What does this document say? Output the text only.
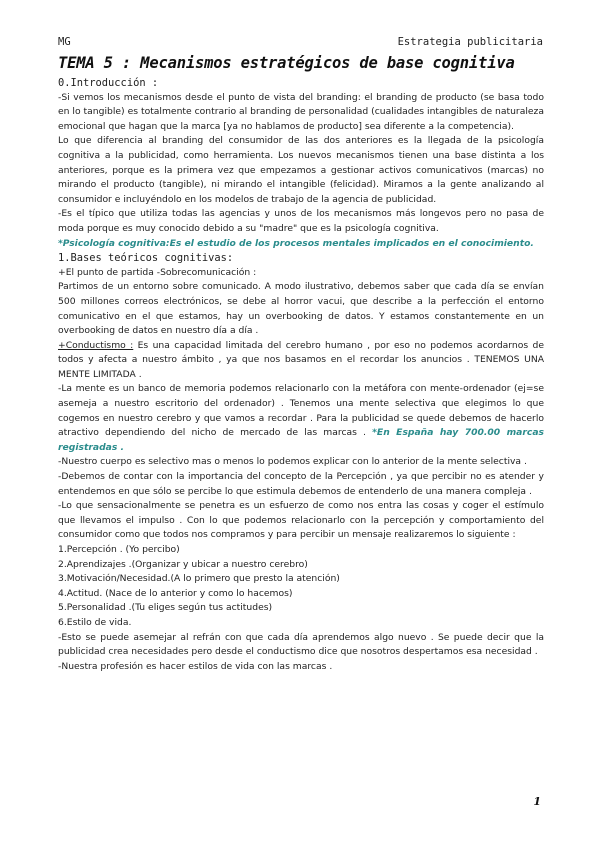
MG	Estrategia publicitaria
TEMA 5 : Mecanismos estratégicos de base cognitiva

0.Introducción :

-Si vemos los mecanismos desde el punto de vista del branding: el branding de producto (se basa todo en lo tangible) es totalmente contrario al branding de personalidad (cualidades intangibles de naturaleza emocional que hagan que la marca [ya no hablamos de producto] sea diferente a la competencia).

Lo que diferencia al branding del consumidor de las dos anteriores es la llegada de la psicología cognitiva a la publicidad, como herramienta. Los nuevos mecanismos tienen una base distinta a los anteriores, porque es la primera vez que empezamos a gestionar activos comunicativos (marcas) no mirando el producto (tangible), ni mirando el intangible (felicidad). Miramos a la gente analizando al consumidor e incluyéndolo en los modelos de trabajo de la agencia de publicidad.

-Es el típico que utiliza todas las agencias y unos de los mecanismos más longevos pero no pasa de moda porque es muy conocido debido a su "madre" que es la psicología cognitiva.

*Psicología cognitiva:Es el estudio de los procesos mentales implicados en el conocimiento.

1.Bases teóricos cognitivas:

+El punto de partida -Sobrecomunicación :

Partimos de un entorno sobre comunicado. A modo ilustrativo, debemos saber que cada día se envían 500 millones correos electrónicos, se debe al horror vacui, que describe a la perfección el entorno comunicativo en el que estamos, hay un overbooking de datos. Y estamos constantemente en un overbooking de datos en nuestro día a día .

+Conductismo : Es una capacidad limitada del cerebro humano , por eso no podemos acordarnos de todos y afecta a nuestro ámbito , ya que nos basamos en el recordar los anuncios . TENEMOS UNA MENTE LIMITADA .

-La mente es un banco de memoria podemos relacionarlo con la metáfora con mente-ordenador (ej=se asemeja a nuestro escritorio del ordenador) . Tenemos una mente selectiva que elegimos lo que cogemos en nuestro cerebro y que vamos a recordar . Para la publicidad se quede debemos de hacerlo atractivo dependiendo del nicho de mercado de las marcas . *En España hay 700.00 marcas registradas .

-Nuestro cuerpo es selectivo mas o menos lo podemos explicar con lo anterior de la mente selectiva .

-Debemos de contar con la importancia del concepto de la Percepción , ya que percibir no es atender y entendemos en que sólo se percibe lo que estimula debemos de entenderlo de una manera compleja .

-Lo que sensacionalmente se penetra es un esfuerzo de como nos entra las cosas y coger el estímulo que llevamos el impulso . Con lo que podemos relacionarlo con la percepción y comportamiento del consumidor como que todos nos compramos y para percibir un mensaje realizaremos lo siguiente :

1.Percepción . (Yo percibo)

2.Aprendizajes .(Organizar y ubicar a nuestro cerebro)

3.Motivación/Necesidad.(A lo primero que presto la atención)

4.Actitud. (Nace de lo anterior y como lo hacemos)

5.Personalidad .(Tu eliges según tus actitudes)

6.Estilo de vida.

-Esto se puede asemejar al refrán con que cada día aprendemos algo nuevo . Se puede decir que la publicidad crea necesidades pero desde el conductismo dice que nosotros despertamos esa necesidad .

-Nuestra profesión es hacer estilos de vida con las marcas .

1
